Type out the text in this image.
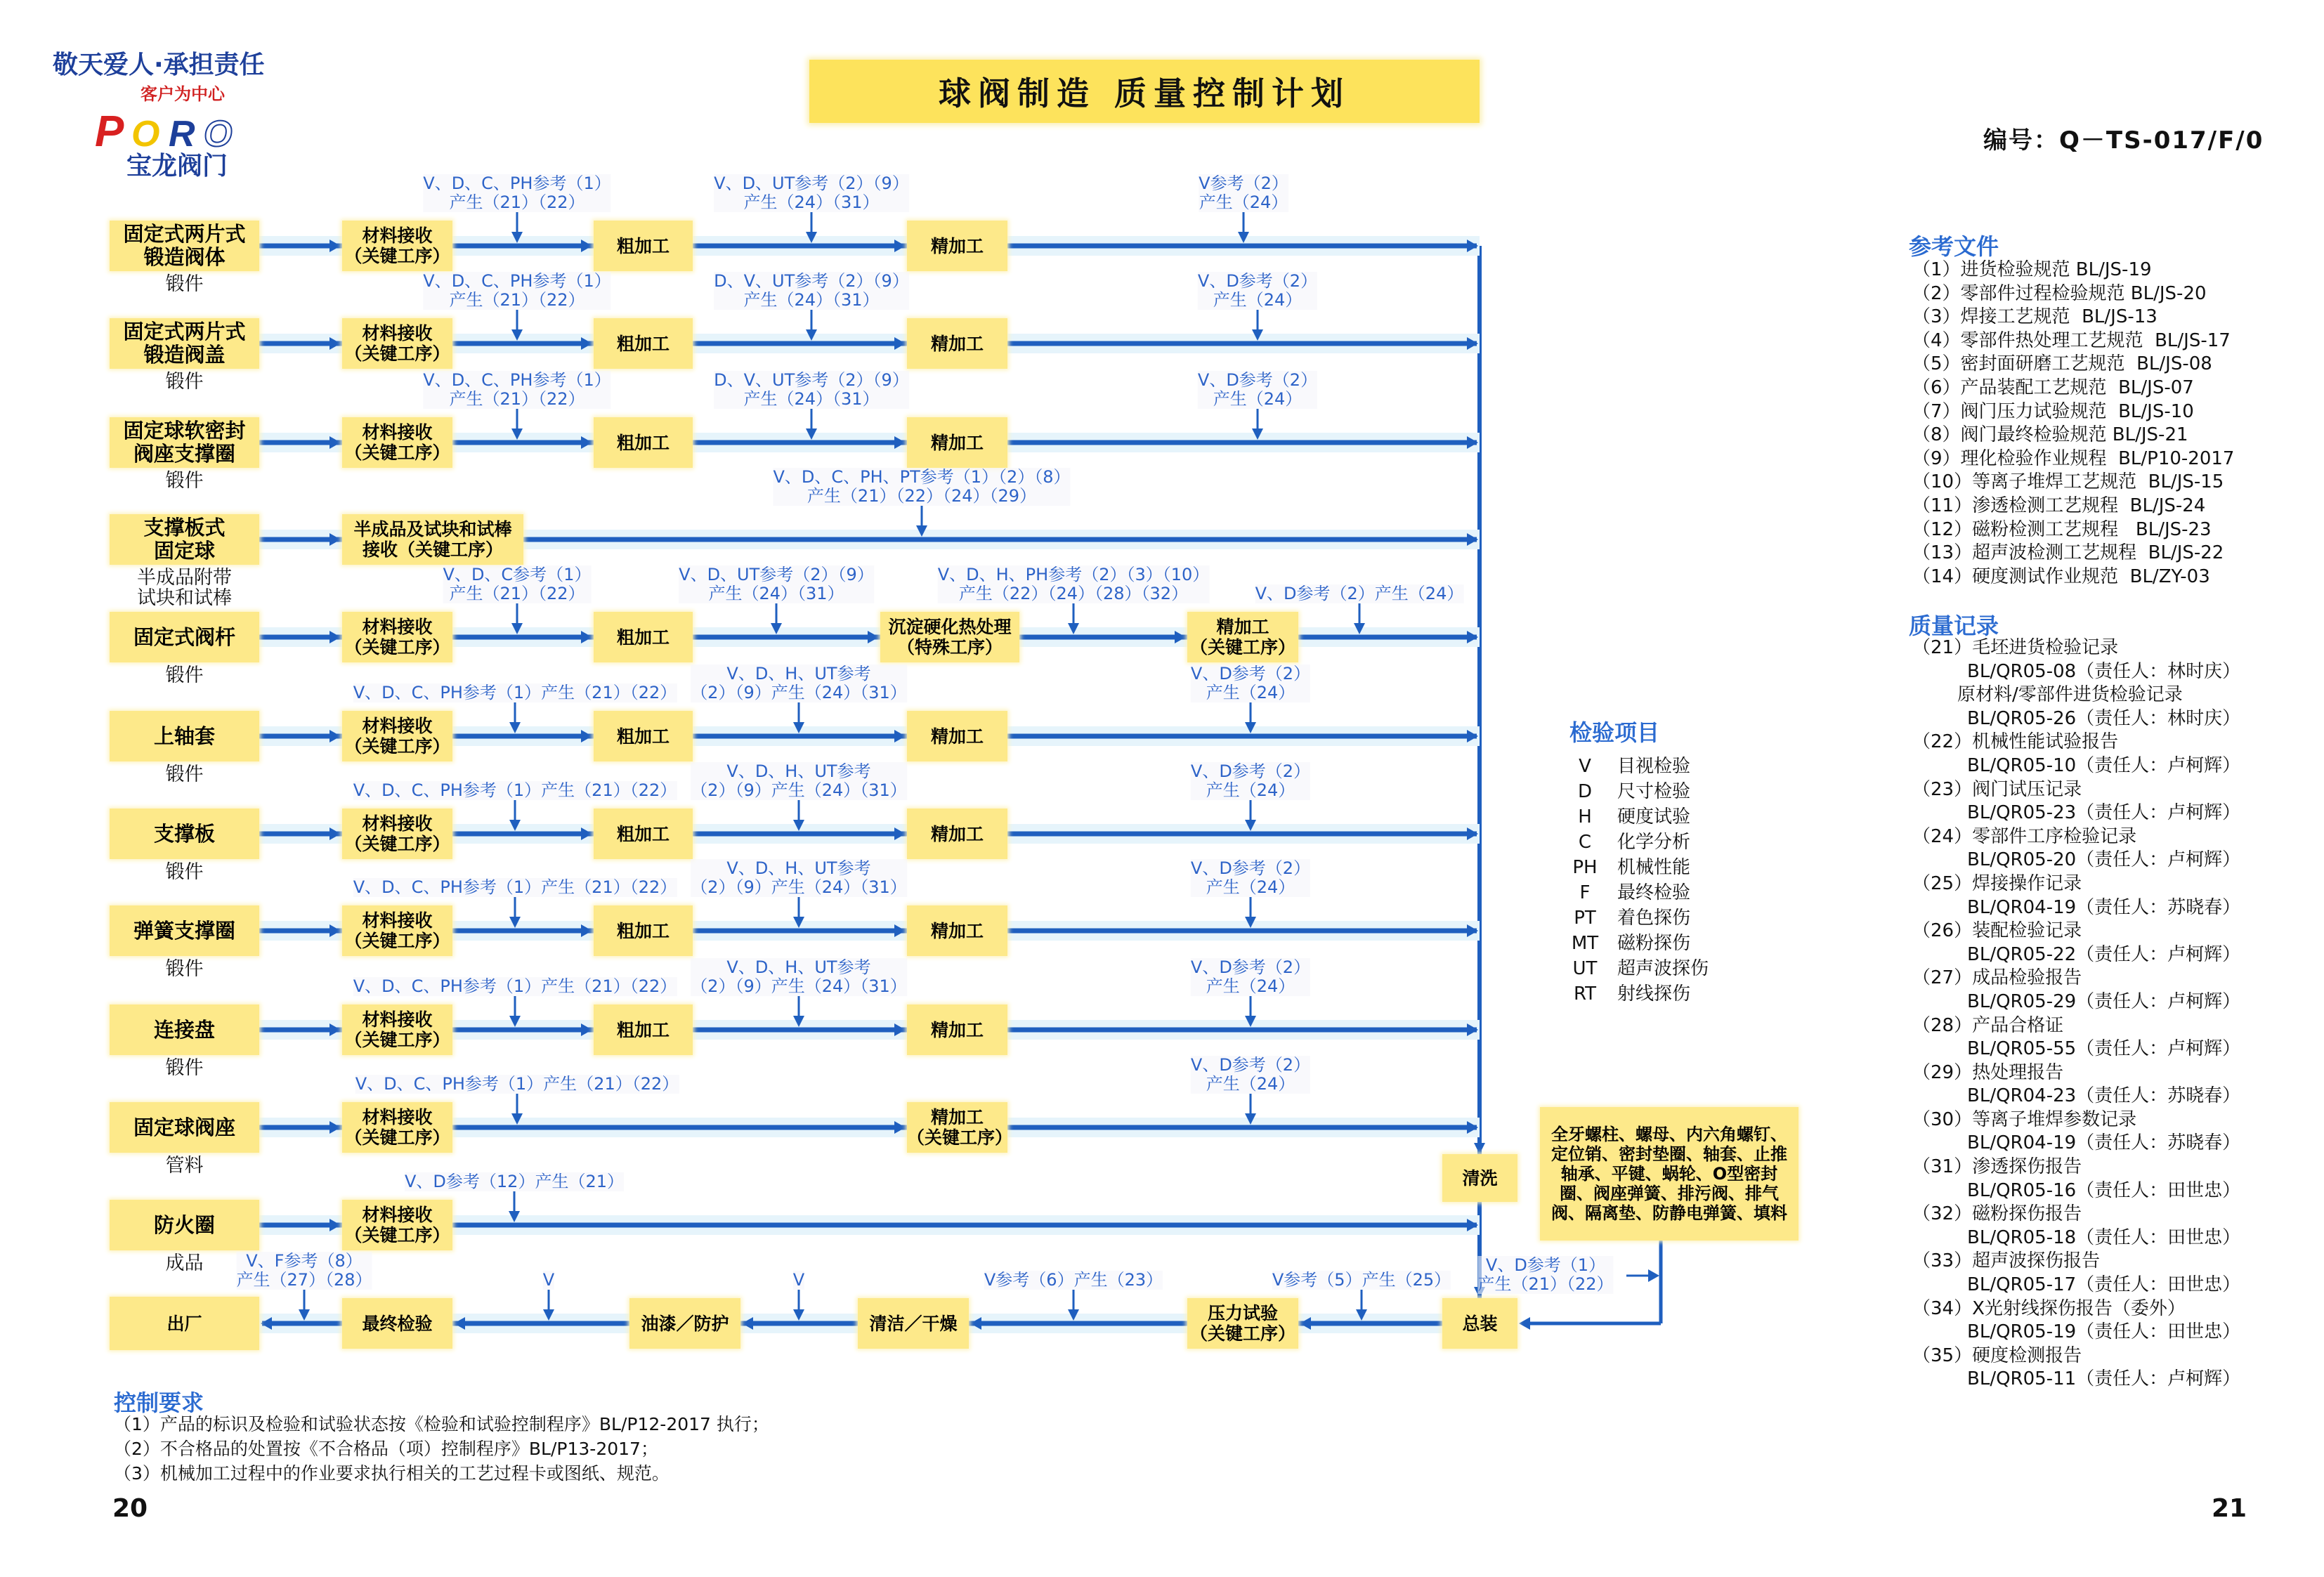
敬天爱人·承担责任
客户为中心
P O R O
宝龙阀门
球阀制造 质量控制计划
编号：Q－TS-017/F/0
固定式两片式
锻造阀体
锻件
材料接收
（关键工序）	粗加工	精加工
V、D、C、PH参考（1）
产生（21）（22）
V、D、UT参考（2）（9）
产生（24）（31）
V参考（2）
产生（24）
固定式两片式
锻造阀盖
锻件
材料接收
（关键工序）	粗加工	精加工
V、D、C、PH参考（1）
产生（21）（22）
D、V、UT参考（2）（9）
产生（24）（31）
V、D参考（2）
产生（24）
固定球软密封
阀座支撑圈
锻件
材料接收
（关键工序）	粗加工	精加工
V、D、C、PH参考（1）
产生（21）（22）
D、V、UT参考（2）（9）
产生（24）（31）
V、D参考（2）
产生（24）
支撑板式
固定球
半成品附带
试块和试棒
半成品及试块和试棒
接收（关键工序）
V、D、C、PH、PT参考（1）（2）（8）
产生（21）（22）（24）（29）
固定式阀杆
锻件
材料接收
（关键工序）	粗加工	沉淀硬化热处理
（特殊工序）
精加工
（关键工序）
V、D、C参考（1）
产生（21）（22）
V、D、UT参考（2）（9）
产生（24）（31）
V、D、H、PH参考（2）（3）（10）
产生（22）（24）（28）（32）	V、D参考（2）产生（24）
上轴套
锻件
材料接收
（关键工序）	粗加工	精加工
V、D、C、PH参考（1）产生（21）（22）
V、D、H、UT参考
（2）（9）产生（24）（31）
V、D参考（2）
产生（24）
支撑板
锻件
材料接收
（关键工序）	粗加工	精加工
V、D、C、PH参考（1）产生（21）（22）
V、D、H、UT参考
（2）（9）产生（24）（31）
V、D参考（2）
产生（24）
弹簧支撑圈
锻件
材料接收
（关键工序）	粗加工	精加工
V、D、C、PH参考（1）产生（21）（22）
V、D、H、UT参考
（2）（9）产生（24）（31）
V、D参考（2）
产生（24）
连接盘
锻件
材料接收
（关键工序）	粗加工	精加工
V、D、C、PH参考（1）产生（21）（22）
V、D、H、UT参考
（2）（9）产生（24）（31）
V、D参考（2）
产生（24）
固定球阀座
管料
材料接收
（关键工序）
精加工
（关键工序）
V、D、C、PH参考（1）产生（21）（22）
V、D参考（2）
产生（24）
防火圈
成品
材料接收
（关键工序）
V、D参考（12）产生（21）
出厂	最终检验	油漆／防护	清洁／干燥	压力试验
（关键工序）	总装
V、F参考（8）
产生（27）（28）	V	V	V参考（6）产生（23）	V参考（5）产生（25）
清洗
全牙螺柱、螺母、内六角螺钉、定位销、密封垫圈、轴套、止推轴承、平键、蜗轮、O型密封圈、阀座弹簧、排污阀、排气阀、隔离垫、防静电弹簧、填料
V、D参考（1）
产生（21）（22）
检验项目
V 目视检验
D 尺寸检验
H 硬度试验
C 化学分析
PH 机械性能
F 最终检验
PT 着色探伤
MT 磁粉探伤
UT 超声波探伤
RT 射线探伤
参考文件
（1）进货检验规范 BL/JS-19
（2）零部件过程检验规范 BL/JS-20
（3）焊接工艺规范  BL/JS-13
（4）零部件热处理工艺规范  BL/JS-17
（5）密封面研磨工艺规范  BL/JS-08
（6）产品装配工艺规范  BL/JS-07
（7）阀门压力试验规范  BL/JS-10
（8）阀门最终检验规范 BL/JS-21
（9）理化检验作业规程  BL/P10-2017
（10）等离子堆焊工艺规范  BL/JS-15
（11）渗透检测工艺规程  BL/JS-24
（12）磁粉检测工艺规程   BL/JS-23
（13）超声波检测工艺规程  BL/JS-22
（14）硬度测试作业规范  BL/ZY-03
质量记录
（21）毛坯进货检验记录
BL/QR05-08（责任人：林时庆）
原材料/零部件进货检验记录
BL/QR05-26（责任人：林时庆）
（22）机械性能试验报告
BL/QR05-10（责任人：卢柯辉）
（23）阀门试压记录
BL/QR05-23（责任人：卢柯辉）
（24）零部件工序检验记录
BL/QR05-20（责任人：卢柯辉）
（25）焊接操作记录
BL/QR04-19（责任人：苏晓春）
（26）装配检验记录
BL/QR05-22（责任人：卢柯辉）
（27）成品检验报告
BL/QR05-29（责任人：卢柯辉）
（28）产品合格证
BL/QR05-55（责任人：卢柯辉）
（29）热处理报告
BL/QR04-23（责任人：苏晓春）
（30）等离子堆焊参数记录
BL/QR04-19（责任人：苏晓春）
（31）渗透探伤报告
BL/QR05-16（责任人：田世忠）
（32）磁粉探伤报告
BL/QR05-18（责任人：田世忠）
（33）超声波探伤报告
BL/QR05-17（责任人：田世忠）
（34）X光射线探伤报告（委外）
BL/QR05-19（责任人：田世忠）
（35）硬度检测报告
BL/QR05-11（责任人：卢柯辉）
控制要求
（1）产品的标识及检验和试验状态按《检验和试验控制程序》BL/P12-2017 执行；
（2）不合格品的处置按《不合格品（项）控制程序》BL/P13-2017；
（3）机械加工过程中的作业要求执行相关的工艺过程卡或图纸、规范。
20	21
